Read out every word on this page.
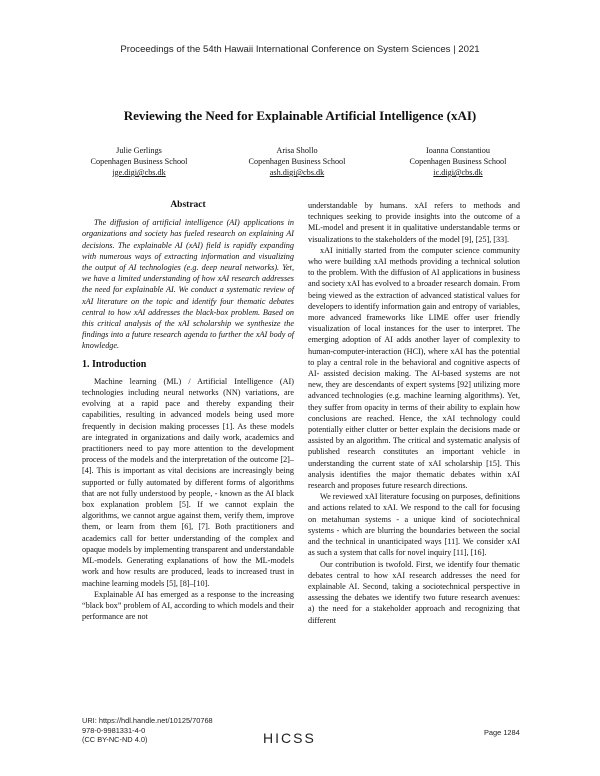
Proceedings of the 54th Hawaii International Conference on System Sciences | 2021
Reviewing the Need for Explainable Artificial Intelligence (xAI)
Julie Gerlings
Copenhagen Business School
jge.digi@cbs.dk
Arisa Shollo
Copenhagen Business School
ash.digi@cbs.dk
Ioanna Constantiou
Copenhagen Business School
ic.digi@cbs.dk
Abstract

The diffusion of artificial intelligence (AI) applications in organizations and society has fueled research on explaining AI decisions. The explainable AI (xAI) field is rapidly expanding with numerous ways of extracting information and visualizing the output of AI technologies (e.g. deep neural networks). Yet, we have a limited understanding of how xAI research addresses the need for explainable AI. We conduct a systematic review of xAI literature on the topic and identify four thematic debates central to how xAI addresses the black-box problem. Based on this critical analysis of the xAI scholarship we synthesize the findings into a future research agenda to further the xAI body of knowledge.

1. Introduction

Machine learning (ML) / Artificial Intelligence (AI) technologies including neural networks (NN) variations, are evolving at a rapid pace and thereby expanding their capabilities, resulting in advanced models being used more frequently in decision making processes [1]. As these models are integrated in organizations and daily work, academics and practitioners need to pay more attention to the development process of the models and the interpretation of the outcome [2]–[4]. This is important as vital decisions are increasingly being supported or fully automated by different forms of algorithms that are not fully understood by people, - known as the AI black box explanation problem [5]. If we cannot explain the algorithms, we cannot argue against them, verify them, improve them, or learn from them [6], [7]. Both practitioners and academics call for better understanding of the complex and opaque models by implementing transparent and understandable ML-models. Generating explanations of how the ML-models work and how results are produced, leads to increased trust in machine learning models [5], [8]–[10].

Explainable AI has emerged as a response to the increasing “black box” problem of AI, according to which models and their performance are not

understandable by humans. xAI refers to methods and techniques seeking to provide insights into the outcome of a ML-model and present it in qualitative understandable terms or visualizations to the stakeholders of the model [9], [25], [33].

xAI initially started from the computer science community who were building xAI methods providing a technical solution to the problem. With the diffusion of AI applications in business and society xAI has evolved to a broader research domain. From being viewed as the extraction of advanced statistical values for developers to identify information gain and entropy of variables, more advanced frameworks like LIME offer user friendly visualization of local instances for the user to interpret. The emerging adoption of AI adds another layer of complexity to human-computer-interaction (HCI), where xAI has the potential to play a central role in the behavioral and cognitive aspects of AI- assisted decision making. The AI-based systems are not new, they are descendants of expert systems [92] utilizing more advanced technologies (e.g. machine learning algorithms). Yet, they suffer from opacity in terms of their ability to explain how conclusions are reached. Hence, the xAI technology could potentially either clutter or better explain the decisions made or assisted by an algorithm. The critical and systematic analysis of published research constitutes an important vehicle in understanding the current state of xAI scholarship [15]. This analysis identifies the major thematic debates within xAI research and proposes future research directions.

We reviewed xAI literature focusing on purposes, definitions and actions related to xAI. We respond to the call for focusing on metahuman systems - a unique kind of sociotechnical systems - which are blurring the boundaries between the social and the technical in unanticipated ways [11]. We consider xAI as such a system that calls for novel inquiry [11], [16].

Our contribution is twofold. First, we identify four thematic debates central to how xAI research addresses the need for explainable AI. Second, taking a sociotechnical perspective in assessing the debates we identify two future research avenues: a) the need for a stakeholder approach and recognizing that different

URI: https://hdl.handle.net/10125/70768
978-0-9981331-4-0
(CC BY-NC-ND 4.0)	HICSS	Page 1284
